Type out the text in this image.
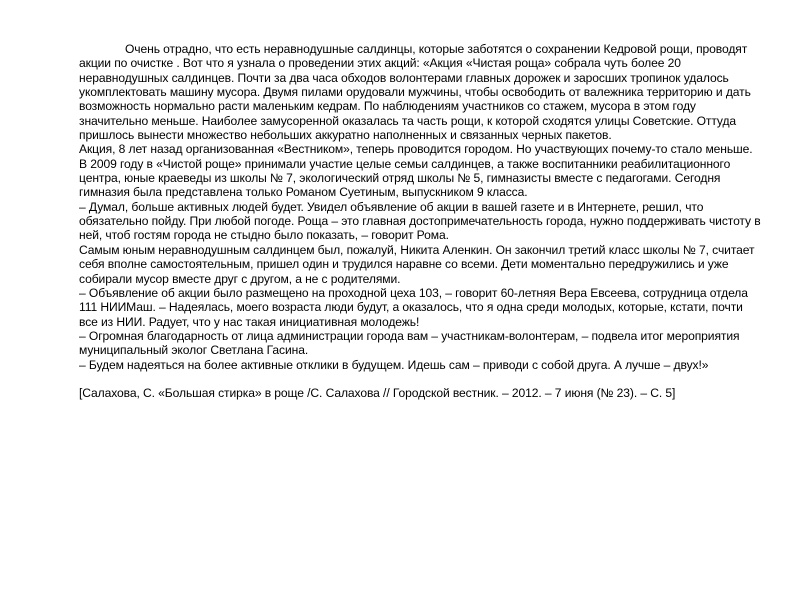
Очень отрадно, что есть неравнодушные салдинцы, которые заботятся о сохранении Кедровой рощи, проводят акции по очистке . Вот что я узнала о проведении этих акций: «Акция «Чистая роща» собрала чуть более 20 неравнодушных салдинцев. Почти за два часа обходов волонтерами главных дорожек и заросших тропинок удалось укомплектовать машину мусора. Двумя пилами орудовали мужчины, чтобы освободить от валежника территорию и дать возможность нормально расти маленьким кедрам. По наблюдениям участников со стажем, мусора в этом году значительно меньше. Наиболее замусоренной оказалась та часть рощи, к которой сходятся улицы Советские. Оттуда пришлось вынести множество небольших аккуратно наполненных и связанных черных пакетов.

Акция, 8 лет назад организованная «Вестником», теперь проводится городом. Но участвующих почему-то стало меньше. В 2009 году в «Чистой роще» принимали участие целые семьи салдинцев, а также воспитанники реабилитационного центра, юные краеведы из школы № 7, экологический отряд школы № 5, гимназисты вместе с педагогами. Сегодня гимназия была представлена только Романом Суетиным, выпускником 9 класса.

– Думал, больше активных людей будет. Увидел объявление об акции в вашей газете и в Интернете, решил, что обязательно пойду. При любой погоде. Роща – это главная достопримечательность города, нужно поддерживать чистоту в ней, чтоб гостям города не стыдно было показать, – говорит Рома.

Самым юным неравнодушным салдинцем был, пожалуй, Никита Аленкин. Он закончил третий класс школы № 7, считает себя вполне самостоятельным, пришел один и трудился наравне со всеми. Дети моментально передружились и уже собирали мусор вместе друг с другом, а не с родителями.

– Объявление об акции было размещено на проходной цеха 103, – говорит 60-летняя Вера Евсеева, сотрудница отдела 111 НИИМаш. – Надеялась, моего возраста люди будут, а оказалось, что я одна среди молодых, которые, кстати, почти все из НИИ. Радует, что у нас такая инициативная молодежь!

– Огромная благодарность от лица администрации города вам – участникам-волонтерам, – подвела итог мероприятия муниципальный эколог Светлана Гасина.

– Будем надеяться на более активные отклики в будущем. Идешь сам – приводи с собой друга. А лучше – двух!»

[Салахова, С. «Большая стирка» в роще /С. Салахова // Городской вестник. – 2012. – 7 июня (№ 23). – С. 5]
